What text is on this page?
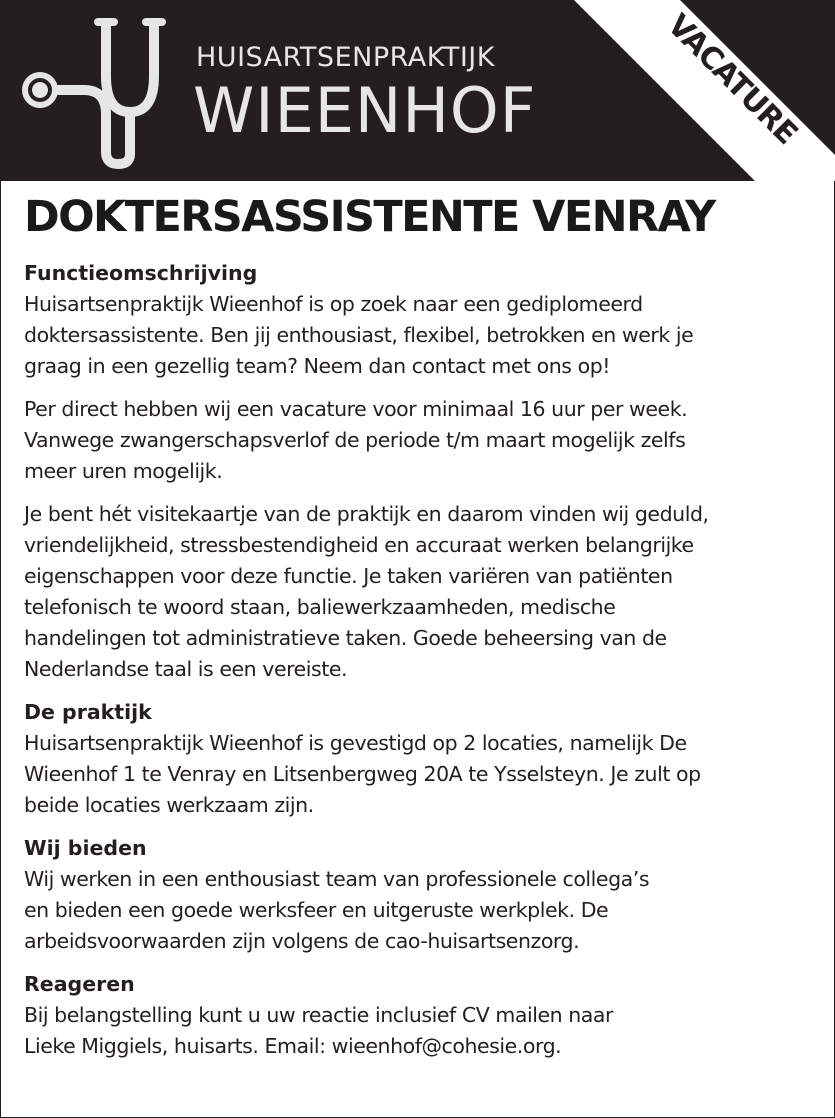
HUISARTSENPRAKTIJK
WIEENHOF	VACATURE
DOKTERSASSISTENTE VENRAY
Functieomschrijving

Huisartsenpraktijk Wieenhof is op zoek naar een gediplomeerd
doktersassistente. Ben jij enthousiast, flexibel, betrokken en werk je
graag in een gezellig team? Neem dan contact met ons op!

Per direct hebben wij een vacature voor minimaal 16 uur per week.
Vanwege zwangerschapsverlof de periode t/m maart mogelijk zelfs
meer uren mogelijk.

Je bent hét visitekaartje van de praktijk en daarom vinden wij geduld,
vriendelijkheid, stressbestendigheid en accuraat werken belangrijke
eigenschappen voor deze functie. Je taken variëren van patiënten
telefonisch te woord staan, baliewerkzaamheden, medische
handelingen tot administratieve taken. Goede beheersing van de
Nederlandse taal is een vereiste.

De praktijk

Huisartsenpraktijk Wieenhof is gevestigd op 2 locaties, namelijk De
Wieenhof 1 te Venray en Litsenbergweg 20A te Ysselsteyn. Je zult op
beide locaties werkzaam zijn.

Wij bieden

Wij werken in een enthousiast team van professionele collega’s
en bieden een goede werksfeer en uitgeruste werkplek. De
arbeidsvoorwaarden zijn volgens de cao-huisartsenzorg.

Reageren

Bij belangstelling kunt u uw reactie inclusief CV mailen naar
Lieke Miggiels, huisarts. Email: wieenhof@cohesie.org.
